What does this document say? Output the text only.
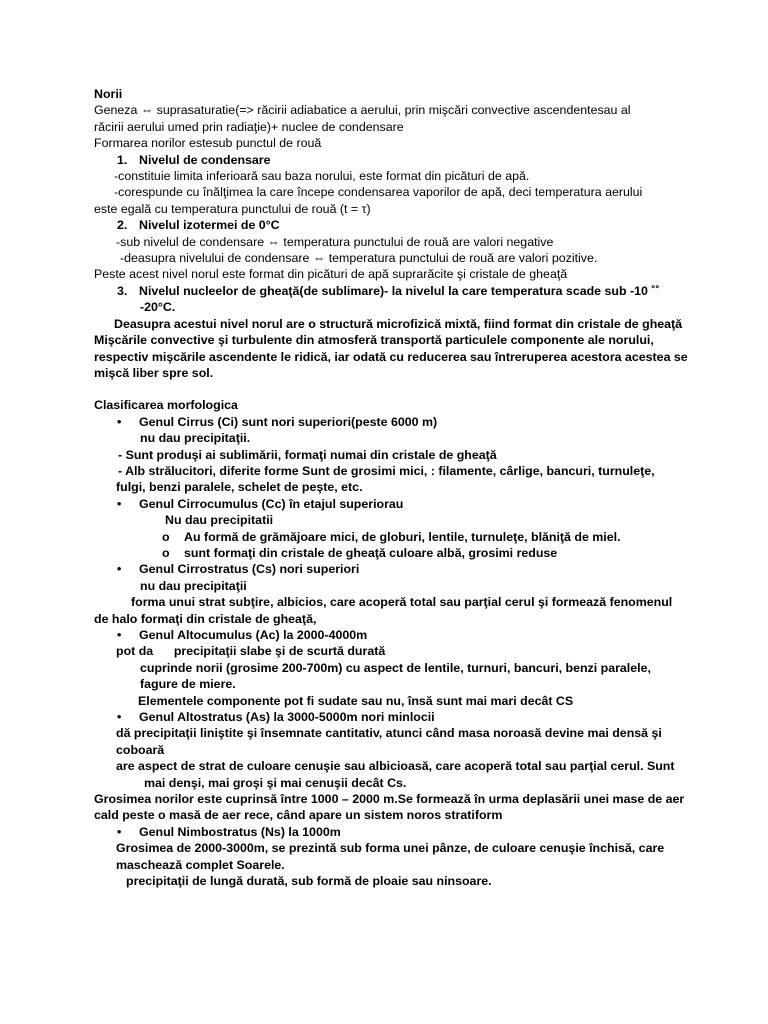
Norii

Geneza ⇔ suprasaturatie(=> răcirii adiabatice a aerului, prin mişcări convective ascendentesau al

răcirii aerului umed prin radiaţie)+ nuclee de condensare

Formarea norilor estesub punctul de rouă

1. Nivelul de condensare

-constituie limita inferioară sau baza norului, este format din picături de apă.

-corespunde cu înălţimea la care începe condensarea vaporilor de apă, deci temperatura aerului

este egală cu temperatura punctului de rouă (t = τ)

2. Nivelul izotermei de 0°C

-sub nivelul de condensare ⇔ temperatura punctului de rouă are valori negative

-deasupra nivelului de condensare ⇔ temperatura punctului de rouă are valori pozitive.

Peste acest nivel norul este format din picături de apă suprarăcite şi cristale de gheaţă

3. Nivelul nucleelor de gheaţă(de sublimare)- la nivelul la care temperatura scade sub -10 ˚˚

-20°C.

Deasupra acestui nivel norul are o structură microfizică mixtă, fiind format din cristale de gheaţă

Mişcările convective şi turbulente din atmosferă transportă particulele componente ale norului,

respectiv mişcările ascendente le ridică, iar odată cu reducerea sau întreruperea acestora acestea se

mişcă liber spre sol.

Clasificarea morfologica

• Genul Cirrus (Ci) sunt nori superiori(peste 6000 m)

nu dau precipitaţii.

- Sunt produşi ai sublimării, formaţi numai din cristale de gheaţă

- Alb strălucitori, diferite forme Sunt de grosimi mici, : filamente, cârlige, bancuri, turnuleţe,

fulgi, benzi paralele, schelet de peşte, etc.

• Genul Cirrocumulus (Cc) în etajul superiorau

Nu dau precipitatii

o Au formă de grămăjoare mici, de globuri, lentile, turnuleţe, blăniţă de miel.

o sunt formaţi din cristale de gheaţă culoare albă, grosimi reduse

• Genul Cirrostratus (Cs) nori superiori

nu dau precipitaţii

forma unui strat subţire, albicios, care acoperă total sau parţial cerul şi formează fenomenul

de halo formaţi din cristale de gheaţă,

• Genul Altocumulus (Ac) la 2000-4000m

pot da      precipitaţii slabe şi de scurtă durată

cuprinde norii (grosime 200-700m) cu aspect de lentile, turnuri, bancuri, benzi paralele,

fagure de miere.

Elementele componente pot fi sudate sau nu, însă sunt mai mari decât CS

• Genul Altostratus (As) la 3000-5000m nori minlocii

dă precipitaţii liniştite şi însemnate cantitativ, atunci când masa noroasă devine mai densă şi

coboară

are aspect de strat de culoare cenuşie sau albicioasă, care acoperă total sau parţial cerul. Sunt

mai denşi, mai groşi şi mai cenuşii decât Cs.

Grosimea norilor este cuprinsă între 1000 – 2000 m.Se formează în urma deplasării unei mase de aer

cald peste o masă de aer rece, când apare un sistem noros stratiform

• Genul Nimbostratus (Ns) la 1000m

Grosimea de 2000-3000m, se prezintă sub forma unei pânze, de culoare cenuşie închisă, care

maschează complet Soarele.

precipitaţii de lungă durată, sub formă de ploaie sau ninsoare.
